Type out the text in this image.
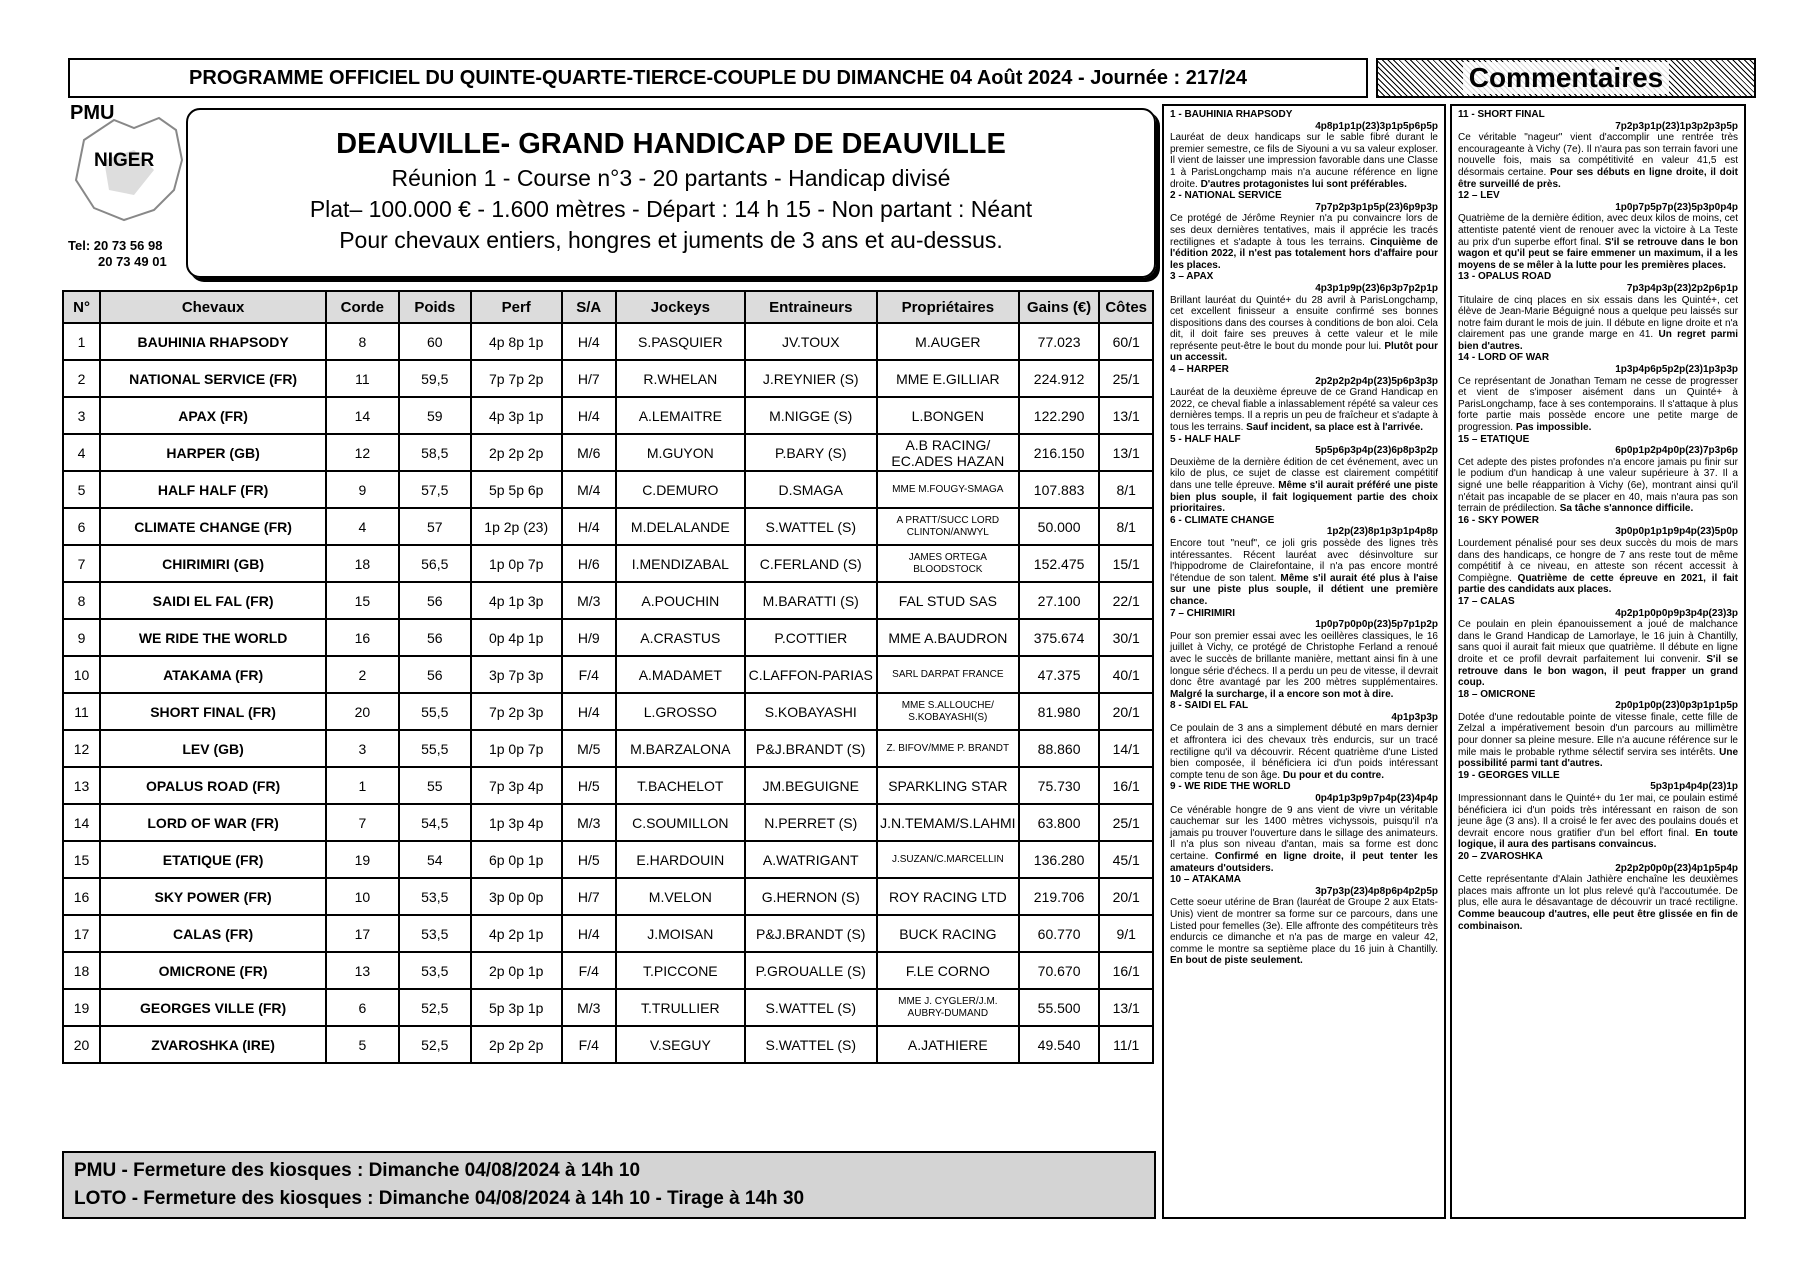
PROGRAMME OFFICIEL DU QUINTE-QUARTE-TIERCE-COUPLE DU DIMANCHE 04 Août 2024 - Journée : 217/24	Commentaires
PMU
NIGER
Tel: 20 73 56 98
20 73 49 01
DEAUVILLE- GRAND HANDICAP DE DEAUVILLE
Réunion 1 - Course n°3 - 20 partants - Handicap divisé
Plat– 100.000 € - 1.600 mètres - Départ : 14 h 15 - Non partant : Néant
Pour chevaux entiers, hongres et juments de 3 ans et au-dessus.
N°	Chevaux	Corde	Poids	Perf	S/A	Jockeys	Entraineurs	Propriétaires	Gains (€)	Côtes
1	BAUHINIA RHAPSODY	8	60	4p 8p 1p	H/4	S.PASQUIER	JV.TOUX	M.AUGER	77.023	60/1
2	NATIONAL SERVICE (FR)	11	59,5	7p 7p 2p	H/7	R.WHELAN	J.REYNIER (S)	MME E.GILLIAR	224.912	25/1
3	APAX (FR)	14	59	4p 3p 1p	H/4	A.LEMAITRE	M.NIGGE (S)	L.BONGEN	122.290	13/1
4	HARPER (GB)	12	58,5	2p 2p 2p	M/6	M.GUYON	P.BARY (S)	A.B RACING/ EC.ADES HAZAN	216.150	13/1
5	HALF HALF (FR)	9	57,5	5p 5p 6p	M/4	C.DEMURO	D.SMAGA	MME M.FOUGY-SMAGA	107.883	8/1
6	CLIMATE CHANGE (FR)	4	57	1p 2p (23)	H/4	M.DELALANDE	S.WATTEL (S)	A PRATT/SUCC LORD CLINTON/ANWYL	50.000	8/1
7	CHIRIMIRI (GB)	18	56,5	1p 0p 7p	H/6	I.MENDIZABAL	C.FERLAND (S)	JAMES ORTEGA BLOODSTOCK	152.475	15/1
8	SAIDI EL FAL (FR)	15	56	4p 1p 3p	M/3	A.POUCHIN	M.BARATTI (S)	FAL STUD SAS	27.100	22/1
9	WE RIDE THE WORLD	16	56	0p 4p 1p	H/9	A.CRASTUS	P.COTTIER	MME A.BAUDRON	375.674	30/1
10	ATAKAMA (FR)	2	56	3p 7p 3p	F/4	A.MADAMET	C.LAFFON-PARIAS	SARL DARPAT FRANCE	47.375	40/1
11	SHORT FINAL (FR)	20	55,5	7p 2p 3p	H/4	L.GROSSO	S.KOBAYASHI	MME S.ALLOUCHE/ S.KOBAYASHI(S)	81.980	20/1
12	LEV (GB)	3	55,5	1p 0p 7p	M/5	M.BARZALONA	P&J.BRANDT (S)	Z. BIFOV/MME P. BRANDT	88.860	14/1
13	OPALUS ROAD (FR)	1	55	7p 3p 4p	H/5	T.BACHELOT	JM.BEGUIGNE	SPARKLING STAR	75.730	16/1
14	LORD OF WAR (FR)	7	54,5	1p 3p 4p	M/3	C.SOUMILLON	N.PERRET (S)	J.N.TEMAM/S.LAHMI	63.800	25/1
15	ETATIQUE (FR)	19	54	6p 0p 1p	H/5	E.HARDOUIN	A.WATRIGANT	J.SUZAN/C.MARCELLIN	136.280	45/1
16	SKY POWER (FR)	10	53,5	3p 0p 0p	H/7	M.VELON	G.HERNON (S)	ROY RACING LTD	219.706	20/1
17	CALAS (FR)	17	53,5	4p 2p 1p	H/4	J.MOISAN	P&J.BRANDT (S)	BUCK RACING	60.770	9/1
18	OMICRONE (FR)	13	53,5	2p 0p 1p	F/4	T.PICCONE	P.GROUALLE (S)	F.LE CORNO	70.670	16/1
19	GEORGES VILLE (FR)	6	52,5	5p 3p 1p	M/3	T.TRULLIER	S.WATTEL (S)	MME J. CYGLER/J.M. AUBRY-DUMAND	55.500	13/1
20	ZVAROSHKA (IRE)	5	52,5	2p 2p 2p	F/4	V.SEGUY	S.WATTEL (S)	A.JATHIERE	49.540	11/1
PMU - Fermeture des kiosques : Dimanche 04/08/2024 à 14h 10
LOTO - Fermeture des kiosques : Dimanche 04/08/2024 à 14h 10 - Tirage à 14h 30
1 - BAUHINIA RHAPSODY
4p8p1p1p(23)3p1p5p6p5p
Lauréat de deux handicaps sur le sable fibré durant le premier semestre, ce fils de Siyouni a vu sa valeur exploser. Il vient de laisser une impression favorable dans une Classe 1 à ParisLongchamp mais n'a aucune référence en ligne droite. D'autres protagonistes lui sont préférables.
2 - NATIONAL SERVICE
7p7p2p3p1p5p(23)6p9p3p
Ce protégé de Jérôme Reynier n'a pu convaincre lors de ses deux dernières tentatives, mais il apprécie les tracés rectilignes et s'adapte à tous les terrains. Cinquième de l'édition 2022, il n'est pas totalement hors d'affaire pour les places.
3 – APAX
4p3p1p9p(23)6p3p7p2p1p
Brillant lauréat du Quinté+ du 28 avril à ParisLongchamp, cet excellent finisseur a ensuite confirmé ses bonnes dispositions dans des courses à conditions de bon aloi. Cela dit, il doit faire ses preuves à cette valeur et le mile représente peut-être le bout du monde pour lui. Plutôt pour un accessit.
4 – HARPER
2p2p2p2p4p(23)5p6p3p3p
Lauréat de la deuxième épreuve de ce Grand Handicap en 2022, ce cheval fiable a inlassablement répété sa valeur ces dernières temps. Il a repris un peu de fraîcheur et s'adapte à tous les terrains. Sauf incident, sa place est à l'arrivée.
5 - HALF HALF
5p5p6p3p4p(23)6p8p3p2p
Deuxième de la dernière édition de cet événement, avec un kilo de plus, ce sujet de classe est clairement compétitif dans une telle épreuve. Même s'il aurait préféré une piste bien plus souple, il fait logiquement partie des choix prioritaires.
6 - CLIMATE CHANGE
1p2p(23)8p1p3p1p4p8p
Encore tout "neuf", ce joli gris possède des lignes très intéressantes. Récent lauréat avec désinvolture sur l'hippodrome de Clairefontaine, il n'a pas encore montré l'étendue de son talent. Même s'il aurait été plus à l'aise sur une piste plus souple, il détient une première chance.
7 – CHIRIMIRI
1p0p7p0p0p(23)5p7p1p2p
Pour son premier essai avec les oeillères classiques, le 16 juillet à Vichy, ce protégé de Christophe Ferland a renoué avec le succès de brillante manière, mettant ainsi fin à une longue série d'échecs. Il a perdu un peu de vitesse, il devrait donc être avantagé par les 200 mètres supplémentaires. Malgré la surcharge, il a encore son mot à dire.
8 - SAIDI EL FAL
4p1p3p3p
Ce poulain de 3 ans a simplement débuté en mars dernier et affrontera ici des chevaux très endurcis, sur un tracé rectiligne qu'il va découvrir. Récent quatrième d'une Listed bien composée, il bénéficiera ici d'un poids intéressant compte tenu de son âge. Du pour et du contre.
9 - WE RIDE THE WORLD
0p4p1p3p9p7p4p(23)4p4p
Ce vénérable hongre de 9 ans vient de vivre un véritable cauchemar sur les 1400 mètres vichyssois, puisqu'il n'a jamais pu trouver l'ouverture dans le sillage des animateurs. Il n'a plus son niveau d'antan, mais sa forme est donc certaine. Confirmé en ligne droite, il peut tenter les amateurs d'outsiders.
10 – ATAKAMA
3p7p3p(23)4p8p6p4p2p5p
Cette soeur utérine de Bran (lauréat de Groupe 2 aux Etats-Unis) vient de montrer sa forme sur ce parcours, dans une Listed pour femelles (3e). Elle affronte des compétiteurs très endurcis ce dimanche et n'a pas de marge en valeur 42, comme le montre sa septième place du 16 juin à Chantilly. En bout de piste seulement.
11 - SHORT FINAL
7p2p3p1p(23)1p3p2p3p5p
Ce véritable "nageur" vient d'accomplir une rentrée très encourageante à Vichy (7e). Il n'aura pas son terrain favori une nouvelle fois, mais sa compétitivité en valeur 41,5 est désormais certaine. Pour ses débuts en ligne droite, il doit être surveillé de près.
12 – LEV
1p0p7p5p7p(23)5p3p0p4p
Quatrième de la dernière édition, avec deux kilos de moins, cet attentiste patenté vient de renouer avec la victoire à La Teste au prix d'un superbe effort final. S'il se retrouve dans le bon wagon et qu'il peut se faire emmener un maximum, il a les moyens de se mêler à la lutte pour les premières places.
13 - OPALUS ROAD
7p3p4p3p(23)2p2p6p1p
Titulaire de cinq places en six essais dans les Quinté+, cet élève de Jean-Marie Béguigné nous a quelque peu laissés sur notre faim durant le mois de juin. Il débute en ligne droite et n'a clairement pas une grande marge en 41. Un regret parmi bien d'autres.
14 - LORD OF WAR
1p3p4p6p5p2p(23)1p3p3p
Ce représentant de Jonathan Temam ne cesse de progresser et vient de s'imposer aisément dans un Quinté+ à ParisLongchamp, face à ses contemporains. Il s'attaque à plus forte partie mais possède encore une petite marge de progression. Pas impossible.
15 – ETATIQUE
6p0p1p2p4p0p(23)7p3p6p
Cet adepte des pistes profondes n'a encore jamais pu finir sur le podium d'un handicap à une valeur supérieure à 37. Il a signé une belle réapparition à Vichy (6e), montrant ainsi qu'il n'était pas incapable de se placer en 40, mais n'aura pas son terrain de prédilection. Sa tâche s'annonce difficile.
16 - SKY POWER
3p0p0p1p1p9p4p(23)5p0p
Lourdement pénalisé pour ses deux succès du mois de mars dans des handicaps, ce hongre de 7 ans reste tout de même compétitif à ce niveau, en atteste son récent accessit à Compiègne. Quatrième de cette épreuve en 2021, il fait partie des candidats aux places.
17 – CALAS
4p2p1p0p0p9p3p4p(23)3p
Ce poulain en plein épanouissement a joué de malchance dans le Grand Handicap de Lamorlaye, le 16 juin à Chantilly, sans quoi il aurait fait mieux que quatrième. Il débute en ligne droite et ce profil devrait parfaitement lui convenir. S'il se retrouve dans le bon wagon, il peut frapper un grand coup.
18 – OMICRONE
2p0p1p0p(23)0p3p1p1p5p
Dotée d'une redoutable pointe de vitesse finale, cette fille de Zelzal a impérativement besoin d'un parcours au millimètre pour donner sa pleine mesure. Elle n'a aucune référence sur le mile mais le probable rythme sélectif servira ses intérêts. Une possibilité parmi tant d'autres.
19 - GEORGES VILLE
5p3p1p4p4p(23)1p
Impressionnant dans le Quinté+ du 1er mai, ce poulain estimé bénéficiera ici d'un poids très intéressant en raison de son jeune âge (3 ans). Il a croisé le fer avec des poulains doués et devrait encore nous gratifier d'un bel effort final. En toute logique, il aura des partisans convaincus.
20 – ZVAROSHKA
2p2p2p0p0p(23)4p1p5p4p
Cette représentante d'Alain Jathière enchaîne les deuxièmes places mais affronte un lot plus relevé qu'à l'accoutumée. De plus, elle aura le désavantage de découvrir un tracé rectiligne. Comme beaucoup d'autres, elle peut être glissée en fin de combinaison.
